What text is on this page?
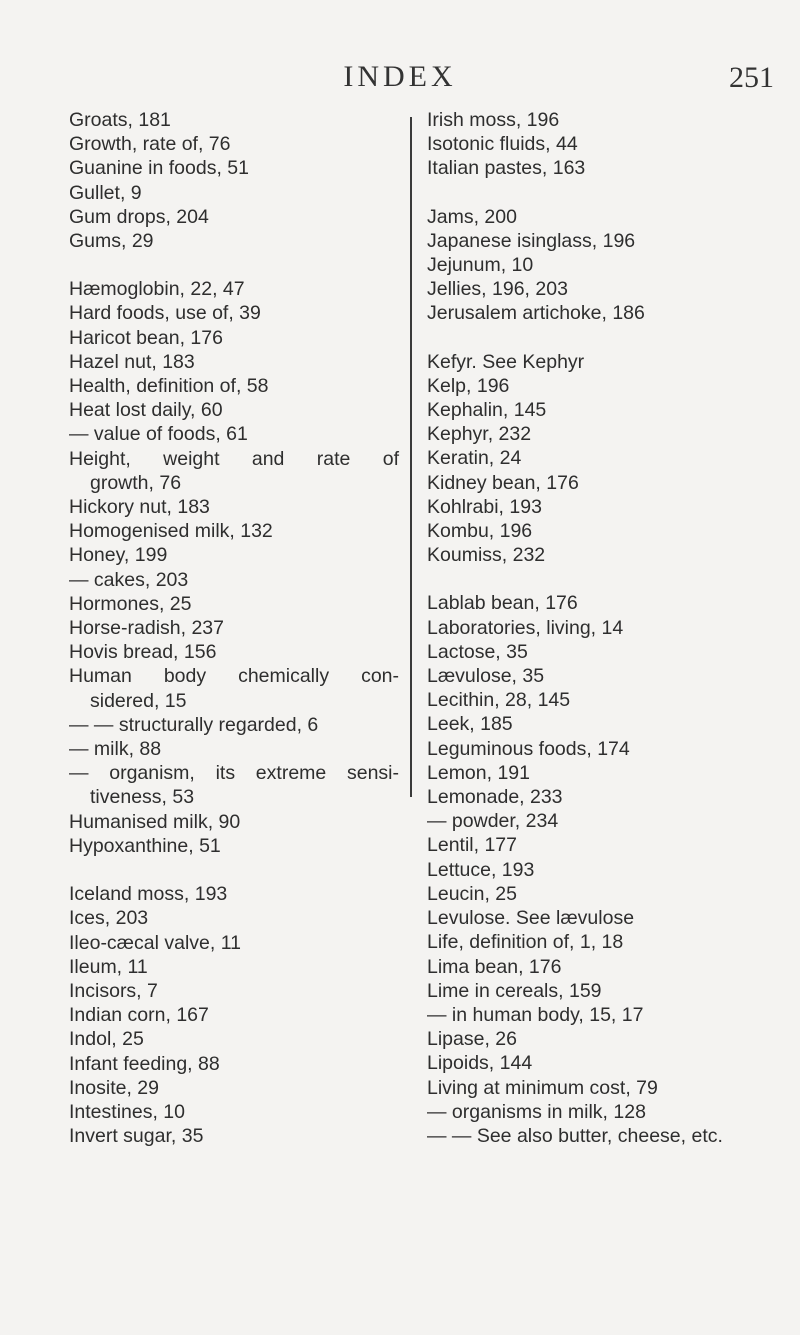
INDEX	251
Groats, 181
Growth, rate of, 76
Guanine in foods, 51
Gullet, 9
Gum drops, 204
Gums, 29
Hæmoglobin, 22, 47
Hard foods, use of, 39
Haricot bean, 176
Hazel nut, 183
Health, definition of, 58
Heat lost daily, 60
— value of foods, 61
Height, weight and rate of
growth, 76
Hickory nut, 183
Homogenised milk, 132
Honey, 199
— cakes, 203
Hormones, 25
Horse-radish, 237
Hovis bread, 156
Human body chemically con-
sidered, 15
— — structurally regarded, 6
— milk, 88
— organism, its extreme sensi-
tiveness, 53
Humanised milk, 90
Hypoxanthine, 51
Iceland moss, 193
Ices, 203
Ileo-cæcal valve, 11
Ileum, 11
Incisors, 7
Indian corn, 167
Indol, 25
Infant feeding, 88
Inosite, 29
Intestines, 10
Invert sugar, 35
Irish moss, 196
Isotonic fluids, 44
Italian pastes, 163
Jams, 200
Japanese isinglass, 196
Jejunum, 10
Jellies, 196, 203
Jerusalem artichoke, 186
Kefyr. See Kephyr
Kelp, 196
Kephalin, 145
Kephyr, 232
Keratin, 24
Kidney bean, 176
Kohlrabi, 193
Kombu, 196
Koumiss, 232
Lablab bean, 176
Laboratories, living, 14
Lactose, 35
Lævulose, 35
Lecithin, 28, 145
Leek, 185
Leguminous foods, 174
Lemon, 191
Lemonade, 233
— powder, 234
Lentil, 177
Lettuce, 193
Leucin, 25
Levulose. See lævulose
Life, definition of, 1, 18
Lima bean, 176
Lime in cereals, 159
— in human body, 15, 17
Lipase, 26
Lipoids, 144
Living at minimum cost, 79
— organisms in milk, 128
— — See also butter, cheese, etc.
